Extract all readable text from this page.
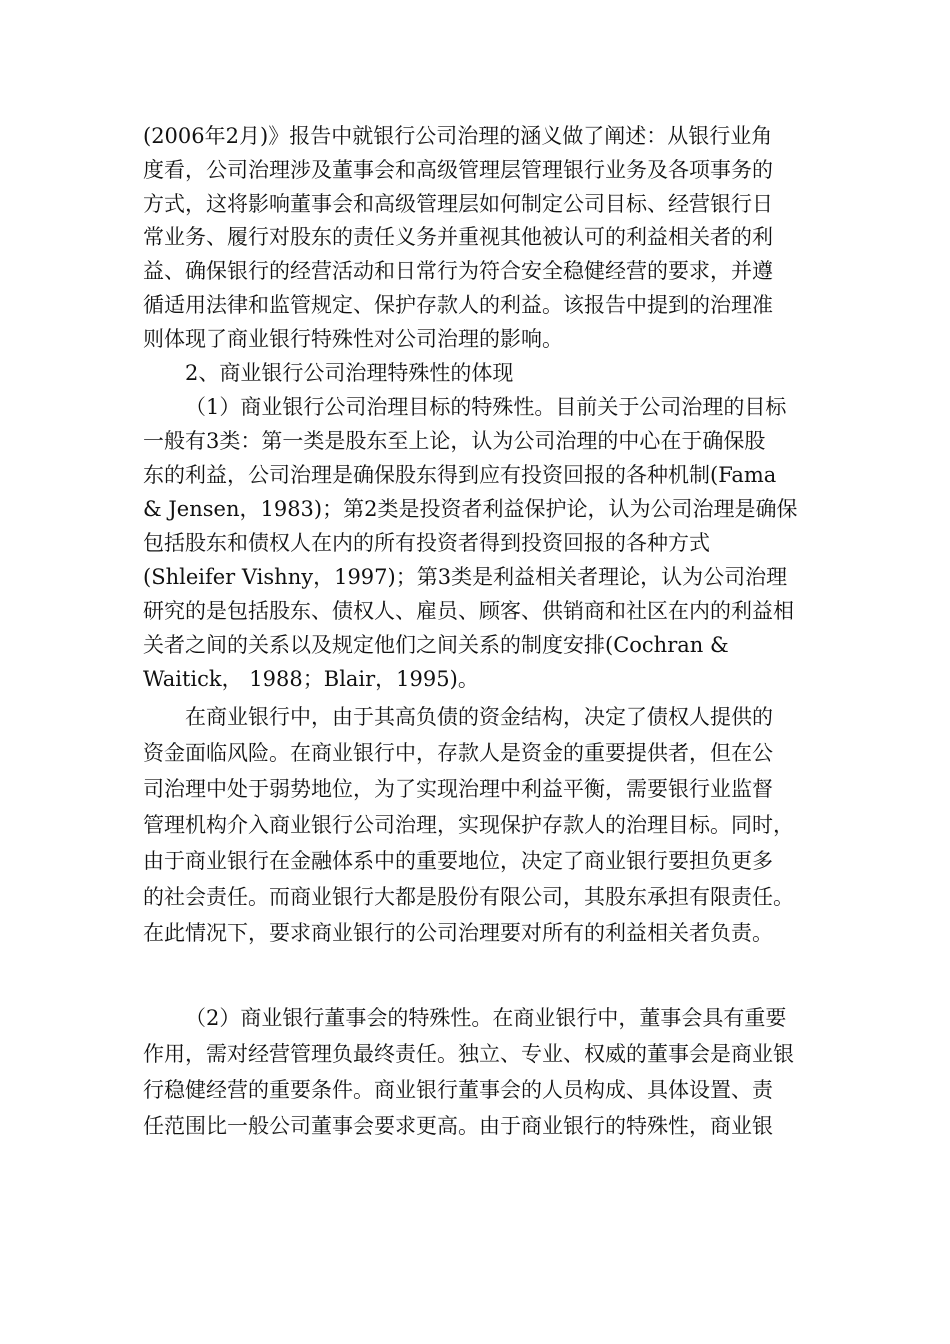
(2006年2月)》报告中就银行公司治理的涵义做了阐述：从银行业角

度看，公司治理涉及董事会和高级管理层管理银行业务及各项事务的

方式，这将影响董事会和高级管理层如何制定公司目标、经营银行日

常业务、履行对股东的责任义务并重视其他被认可的利益相关者的利

益、确保银行的经营活动和日常行为符合安全稳健经营的要求，并遵

循适用法律和监管规定、保护存款人的利益。该报告中提到的治理准

则体现了商业银行特殊性对公司治理的影响。

2、商业银行公司治理特殊性的体现

（1）商业银行公司治理目标的特殊性。目前关于公司治理的目标

一般有3类：第一类是股东至上论，认为公司治理的中心在于确保股

东的利益，公司治理是确保股东得到应有投资回报的各种机制(Fama

& Jensen，1983)；第2类是投资者利益保护论，认为公司治理是确保

包括股东和债权人在内的所有投资者得到投资回报的各种方式

(Shleifer Vishny，1997)；第3类是利益相关者理论，认为公司治理

研究的是包括股东、债权人、雇员、顾客、供销商和社区在内的利益相

关者之间的关系以及规定他们之间关系的制度安排(Cochran &

Waitick， 1988；Blair，1995)。

在商业银行中，由于其高负债的资金结构，决定了债权人提供的

资金面临风险。在商业银行中，存款人是资金的重要提供者，但在公

司治理中处于弱势地位，为了实现治理中利益平衡，需要银行业监督

管理机构介入商业银行公司治理，实现保护存款人的治理目标。同时，

由于商业银行在金融体系中的重要地位，决定了商业银行要担负更多

的社会责任。而商业银行大都是股份有限公司，其股东承担有限责任。

在此情况下，要求商业银行的公司治理要对所有的利益相关者负责。

（2）商业银行董事会的特殊性。在商业银行中，董事会具有重要

作用，需对经营管理负最终责任。独立、专业、权威的董事会是商业银

行稳健经营的重要条件。商业银行董事会的人员构成、具体设置、责

任范围比一般公司董事会要求更高。由于商业银行的特殊性，商业银
